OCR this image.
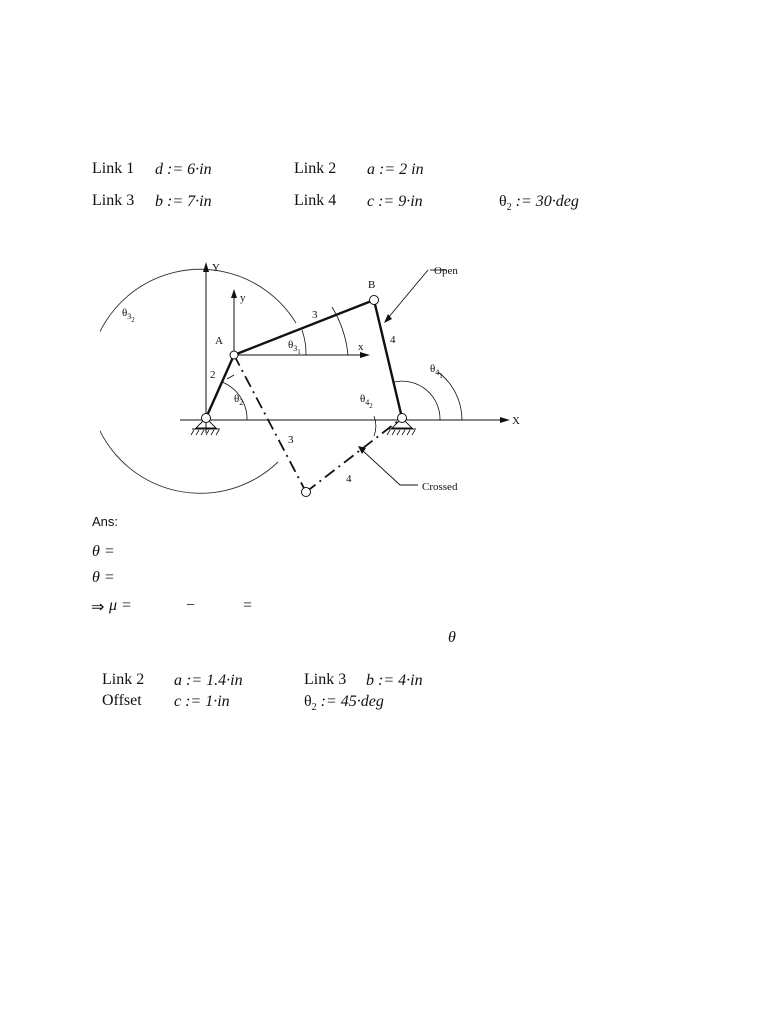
Link 1 d := 6·in	Link 2 a := 2 in
Link 3 b := 7·in	Link 4 c := 9·in	$\theta_2$ := 30·deg
Y
y
x
X
A
B
2
3
4
3
4
Open
Crossed
$\theta_{32}$
$\theta_{31}$
$\theta_2$
$\theta_{41}$
$\theta_{42}$
Ans:
θ =
θ =
⇒ μ =	−	=
θ
Link 2 a := 1.4·in	Link 3 b := 4·in
Offset c := 1·in	$\theta_2$ := 45·deg
